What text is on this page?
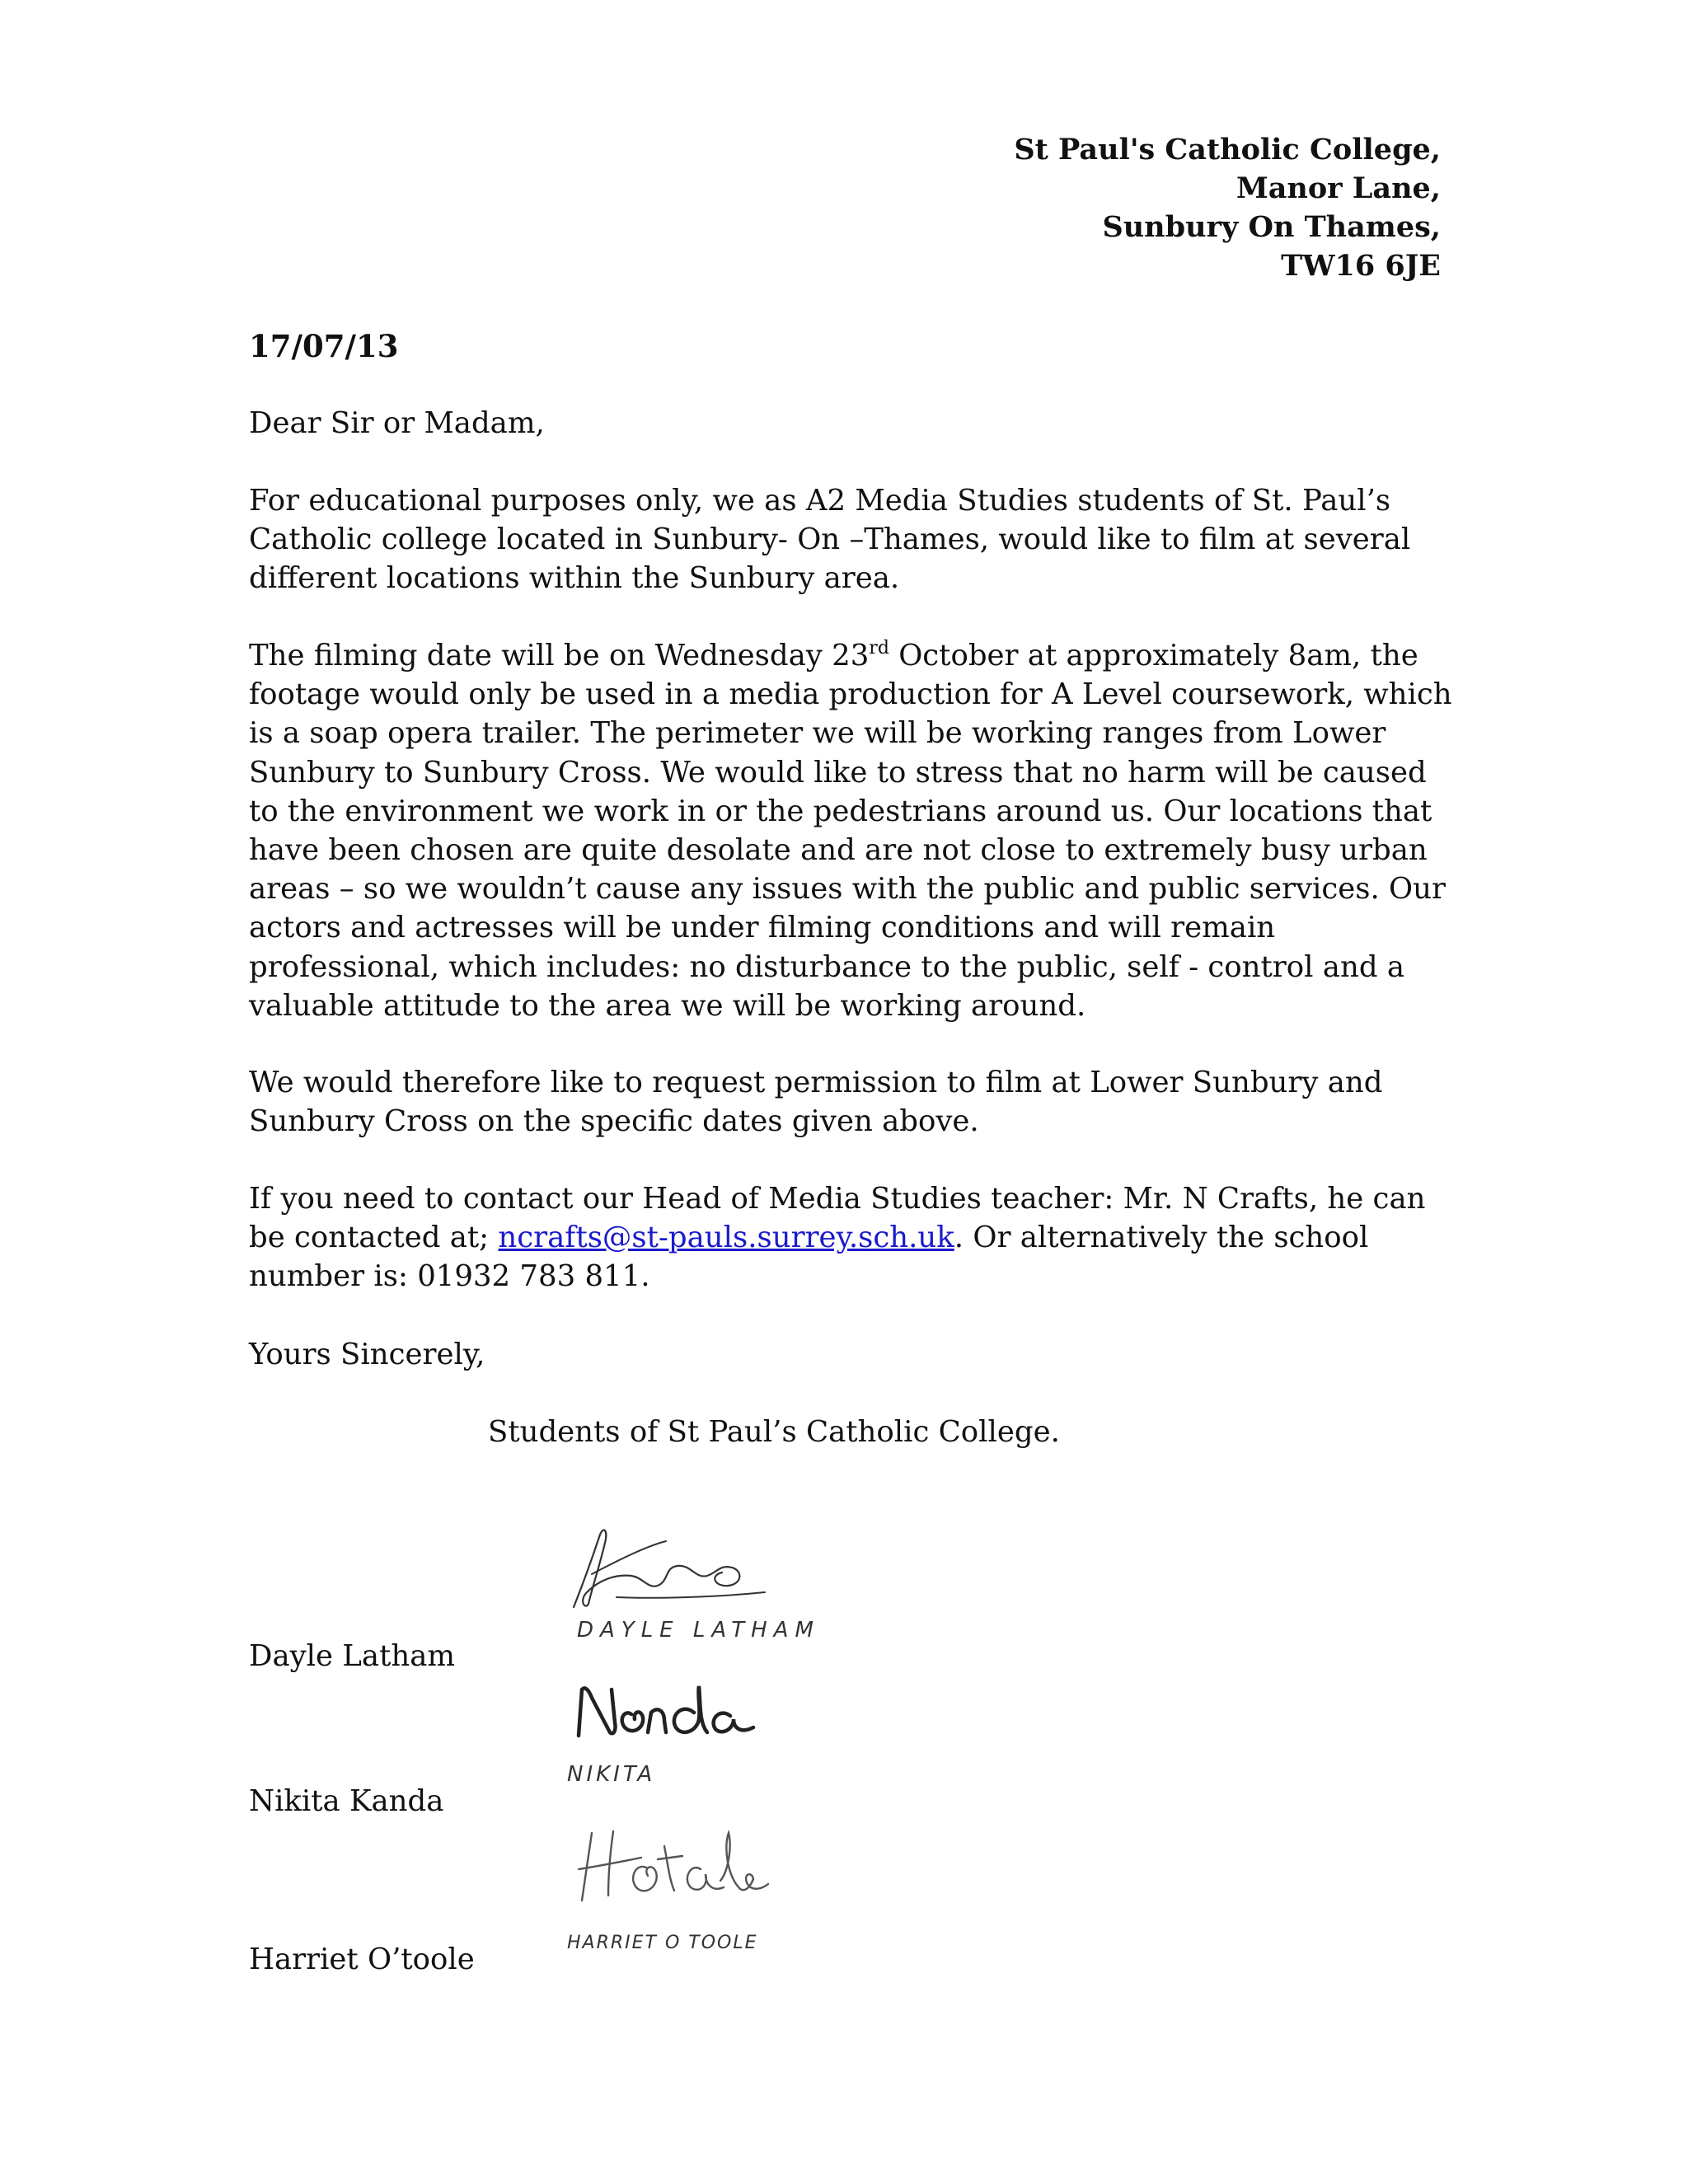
St Paul's Catholic College,
Manor Lane,
Sunbury On Thames,
TW16 6JE
17/07/13
Dear Sir or Madam,
For educational purposes only, we as A2 Media Studies students of St. Paul’s Catholic college located in Sunbury- On –Thames, would like to film at several different locations within the Sunbury area.
The filming date will be on Wednesday 23rd October at approximately 8am, the footage would only be used in a media production for A Level coursework, which is a soap opera trailer. The perimeter we will be working ranges from Lower Sunbury to Sunbury Cross. We would like to stress that no harm will be caused to the environment we work in or the pedestrians around us. Our locations that have been chosen are quite desolate and are not close to extremely busy urban areas – so we wouldn’t cause any issues with the public and public services. Our actors and actresses will be under filming conditions and will remain professional, which includes: no disturbance to the public, self - control and a valuable attitude to the area we will be working around.
We would therefore like to request permission to film at Lower Sunbury and Sunbury Cross on the specific dates given above.
If you need to contact our Head of Media Studies teacher: Mr. N Crafts, he can be contacted at; ncrafts@st-pauls.surrey.sch.uk. Or alternatively the school number is: 01932 783 811.
Yours Sincerely,
Students of St Paul’s Catholic College.
DAYLE LATHAM
Dayle Latham
NIKITA
Nikita Kanda
HARRIET O TOOLE
Harriet O’toole
